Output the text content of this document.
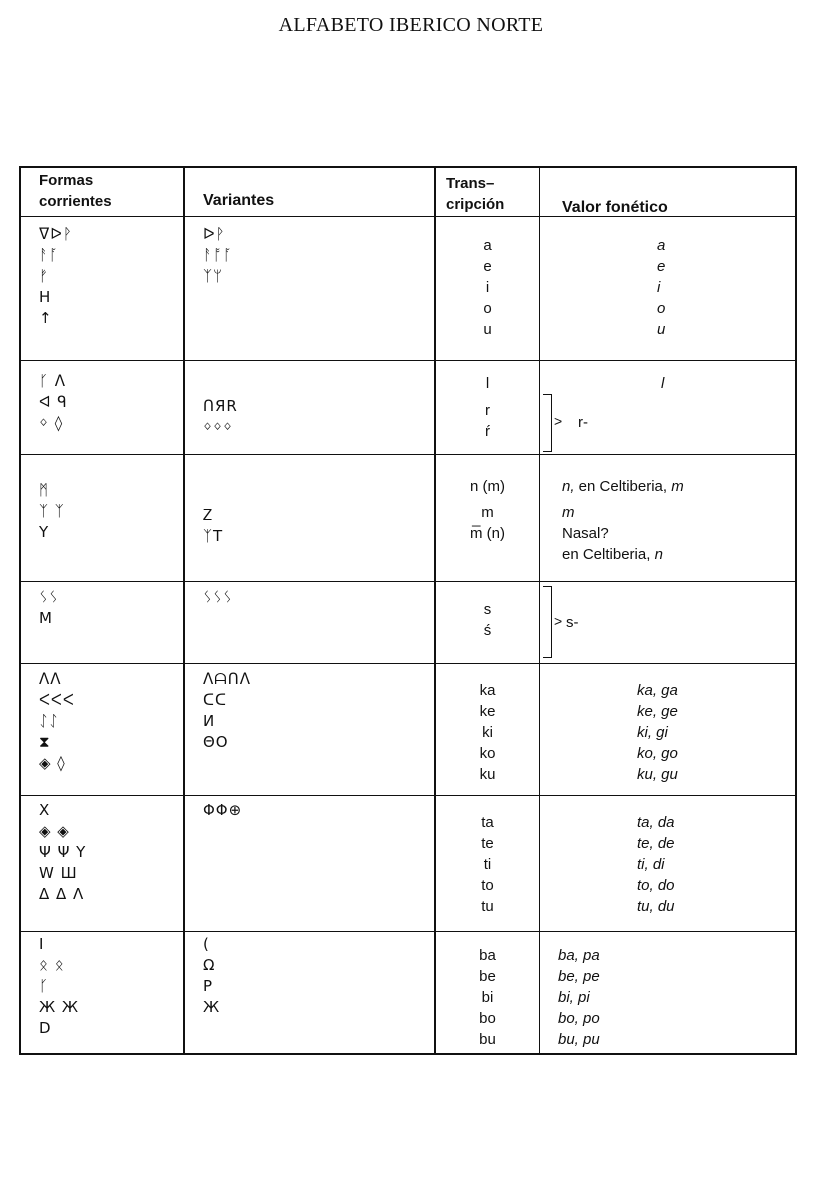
ALFABETO IBERICO NORTE
Formas
corrientes	Variantes
Trans–
cripción	Valor fonético
ᐁᐅᚹ
ᚨᚪ
ᚠ
H
↑
ᐅᚹ
ᚨᚩᚪ
ᛉᛘ
a
e
i
o
u
a
e
i
o
u
ᚴ ᐱ
ᐊ ᑫ
ᛜ ◊
ᑎЯR
ᛜᛜᛜ
l
r
ŕ
l
> r-
ᛗ
ᛉ ᛉ
Y
Ꮓ
ᛉT
n (m)
m
m̅ (n)
n, en Celtiberia, m
m
Nasal?
en Celtiberia, n
ᛊᛊ
M
ᛊᛊᛊ
s
ś
> s-
ᐱᐱ
ᐸᐸᐸ
ᛇᛇ
⧗
◈ ◊
ᐱᗩᑎᐱ
ᑕᑕ
И
ΘO
ka
ke
ki
ko
ku
ka, ga
ke, ge
ki, gi
ko, go
ku, gu
X
◈ ◈
Ψ Ψ Y
W Ш
Δ Δ Λ
ΦΦ⊕
ta
te
ti
to
tu
ta, da
te, de
ti, di
to, do
tu, du
I
ᛟ ᛟ
ᚴ
Ж Ж
D
(
Ω
P
Ж
ba
be
bi
bo
bu
ba, pa
be, pe
bi, pi
bo, po
bu, pu
